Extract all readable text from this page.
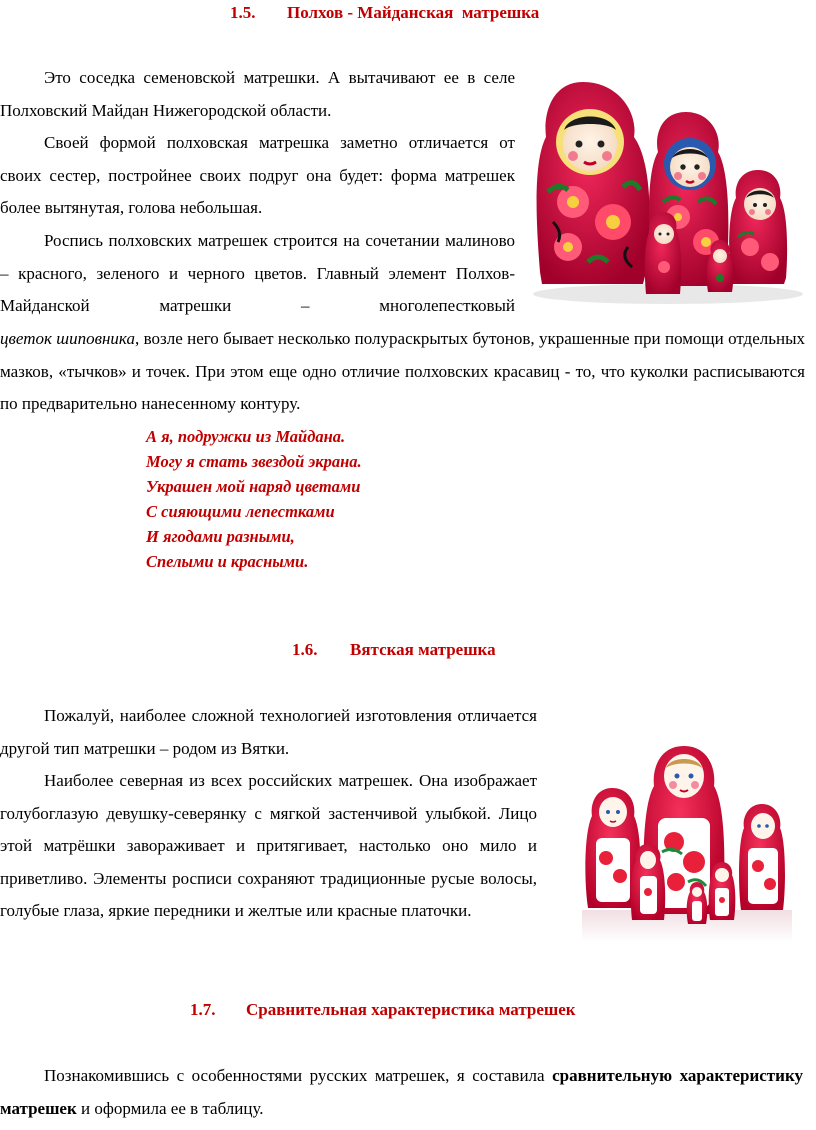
1.5. Полхов - Майданская  матрешка

Это соседка семеновской матрешки. А вытачивают ее в селе Полховский Майдан Нижегородской области.

Своей формой полховская матрешка заметно отличается от своих сестер, постройнее своих подруг она будет: форма матрешек более вытянутая, голова небольшая.

Роспись полховских матрешек строится на сочетании малиново – красного, зеленого и черного цветов. Главный элемент Полхов-Майданской матрешки – многолепестковый

цветок шиповника, возле него бывает несколько полураскрытых бутонов, украшенные при помощи отдельных мазков, «тычков» и точек. При этом еще одно отличие полховских красавиц - то, что куколки расписываются по предварительно нанесенному контуру.

А я, подружки из Майдана.
Могу я стать звездой экрана.
Украшен мой наряд цветами
С сияющими лепестками
И ягодами разными,
Спелыми и красными.
1.6. Вятская матрешка

Пожалуй, наиболее сложной технологией изготовления отличается другой тип матрешки – родом из Вятки.

Наиболее северная из всех российских матрешек. Она изображает голубоглазую девушку-северянку с мягкой застенчивой улыбкой. Лицо этой матрёшки завораживает и притягивает, настолько оно мило и приветливо. Элементы росписи сохраняют традиционные русые волосы, голубые глаза, яркие передники и желтые или красные платочки.

1.7. Сравнительная характеристика матрешек

Познакомившись с особенностями русских матрешек, я составила сравнительную характеристику матрешек и оформила ее в таблицу.
